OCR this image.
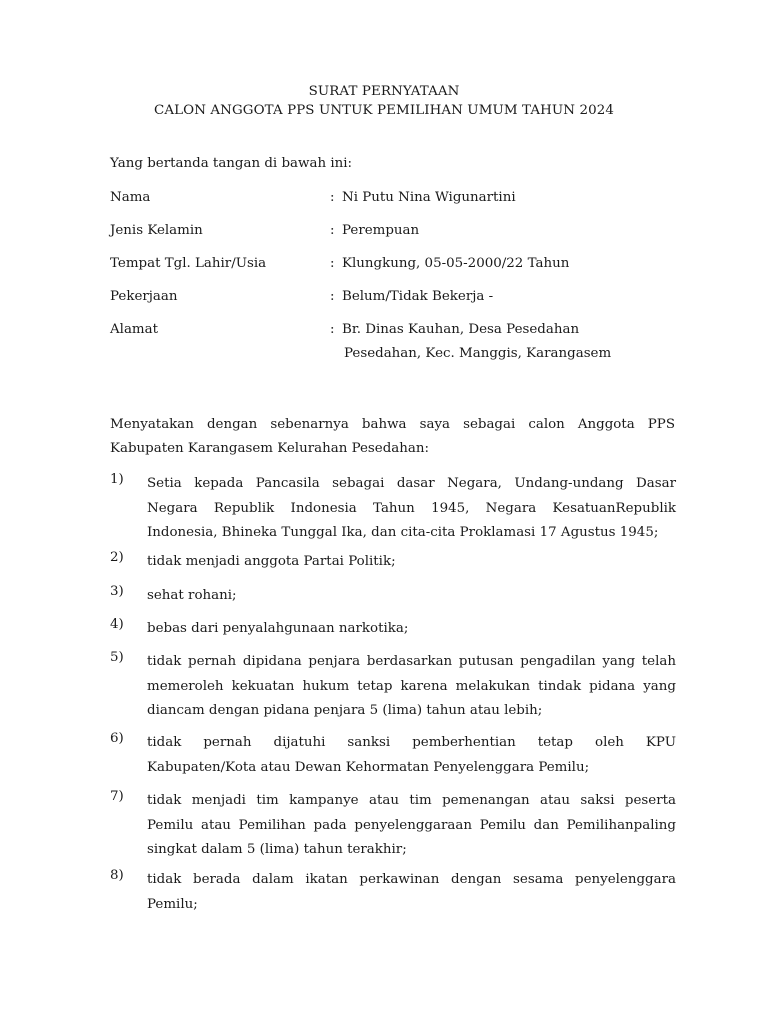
SURAT PERNYATAAN
CALON ANGGOTA PPS UNTUK PEMILIHAN UMUM TAHUN 2024
Yang bertanda tangan di bawah ini:
Nama	: Ni Putu Nina Wigunartini
Jenis Kelamin	: Perempuan
Tempat Tgl. Lahir/Usia	: Klungkung, 05-05-2000/22 Tahun
Pekerjaan	: Belum/Tidak Bekerja -
Alamat	: Br. Dinas Kauhan, Desa Pesedahan
Pesedahan, Kec. Manggis, Karangasem
Menyatakan dengan sebenarnya bahwa saya sebagai calon Anggota PPS
Kabupaten Karangasem Kelurahan Pesedahan:
1)	Setia kepada Pancasila sebagai dasar Negara, Undang-undang Dasar
Negara Republik Indonesia Tahun 1945, Negara KesatuanRepublik
Indonesia, Bhineka Tunggal Ika, dan cita-cita Proklamasi 17 Agustus 1945;
2)	tidak menjadi anggota Partai Politik;
3)	sehat rohani;
4)	bebas dari penyalahgunaan narkotika;
5)	tidak pernah dipidana penjara berdasarkan putusan pengadilan yang telah
memeroleh kekuatan hukum tetap karena melakukan tindak pidana yang
diancam dengan pidana penjara 5 (lima) tahun atau lebih;
6)	tidak pernah dijatuhi sanksi pemberhentian tetap oleh KPU
Kabupaten/Kota atau Dewan Kehormatan Penyelenggara Pemilu;
7)	tidak menjadi tim kampanye atau tim pemenangan atau saksi peserta
Pemilu atau Pemilihan pada penyelenggaraan Pemilu dan Pemilihanpaling
singkat dalam 5 (lima) tahun terakhir;
8)	tidak berada dalam ikatan perkawinan dengan sesama penyelenggara
Pemilu;
